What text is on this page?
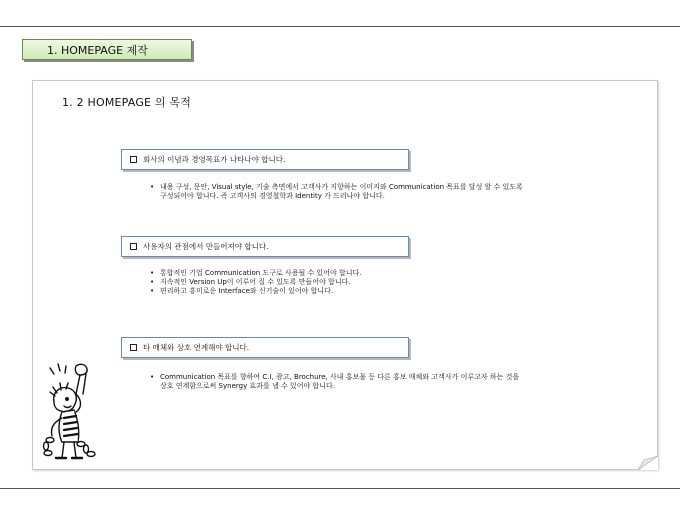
1. HOMEPAGE 제작
1. 2 HOMEPAGE 의 목적
회사의 이념과 경영목표가 나타나야 합니다.
• 내용 구성, 문안, Visual style, 기술 측면에서 고객사가 지향하는 이미지와 Communication 목표를 달성 할 수 있도록
구성되어야 합니다. 즉 고객사의 경영철학과 Identity 가 드러나야 합니다.
사용자의 관점에서 만들어져야 합니다.
• 통합적인 기업 Communication 도구로 사용될 수 있어야 합니다.
• 지속적인 Version Up이 이루어 질 수 있도록 만들어야 합니다.
• 편리하고 흥미로운 Interface와 신기술이 있어야 합니다.
타 매체와 상호 연계해야 합니다.
• Communication 목표를 향하여 C.I, 광고, Brochure, 사내 홍보물 등 다른 홍보 매체와 고객사가 이루고자 하는 것을
상호 연계함으로써 Synergy 효과를 낼 수 있어야 합니다.
